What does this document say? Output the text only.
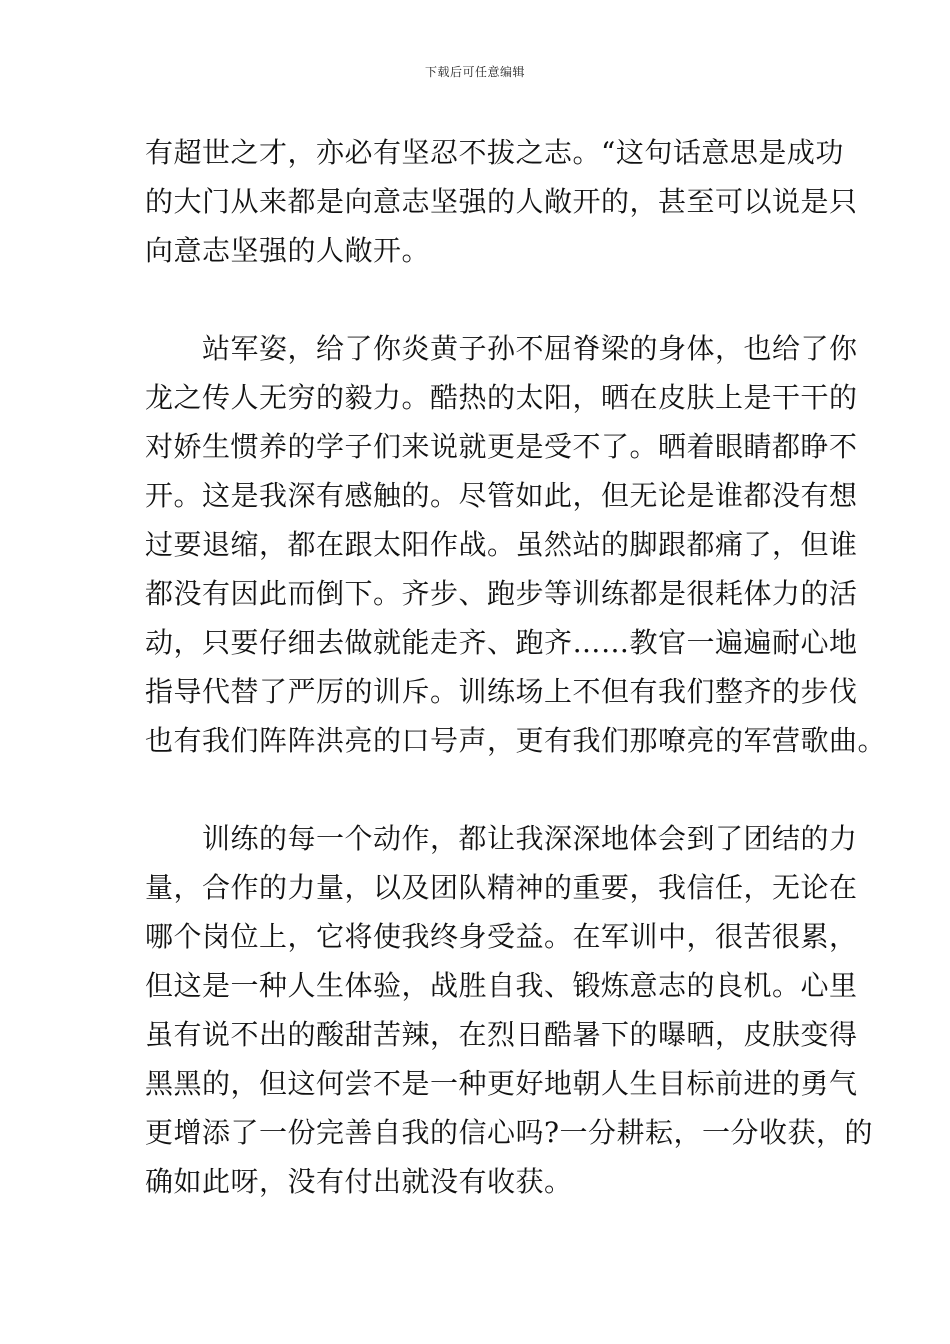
下载后可任意编辑
有超世之才，亦必有坚忍不拔之志。“这句话意思是成功
的大门从来都是向意志坚强的人敞开的，甚至可以说是只
向意志坚强的人敞开。
　　站军姿，给了你炎黄子孙不屈脊梁的身体，也给了你
龙之传人无穷的毅力。酷热的太阳，晒在皮肤上是干干的
对娇生惯养的学子们来说就更是受不了。晒着眼睛都睁不
开。这是我深有感触的。尽管如此，但无论是谁都没有想
过要退缩，都在跟太阳作战。虽然站的脚跟都痛了，但谁
都没有因此而倒下。齐步、跑步等训练都是很耗体力的活
动，只要仔细去做就能走齐、跑齐……教官一遍遍耐心地
指导代替了严厉的训斥。训练场上不但有我们整齐的步伐
也有我们阵阵洪亮的口号声，更有我们那嘹亮的军营歌曲。
　　训练的每一个动作，都让我深深地体会到了团结的力
量，合作的力量，以及团队精神的重要，我信任，无论在
哪个岗位上，它将使我终身受益。在军训中，很苦很累，
但这是一种人生体验，战胜自我、锻炼意志的良机。心里
虽有说不出的酸甜苦辣，在烈日酷暑下的曝晒，皮肤变得
黑黑的，但这何尝不是一种更好地朝人生目标前进的勇气
更增添了一份完善自我的信心吗?一分耕耘，一分收获，的
确如此呀，没有付出就没有收获。
